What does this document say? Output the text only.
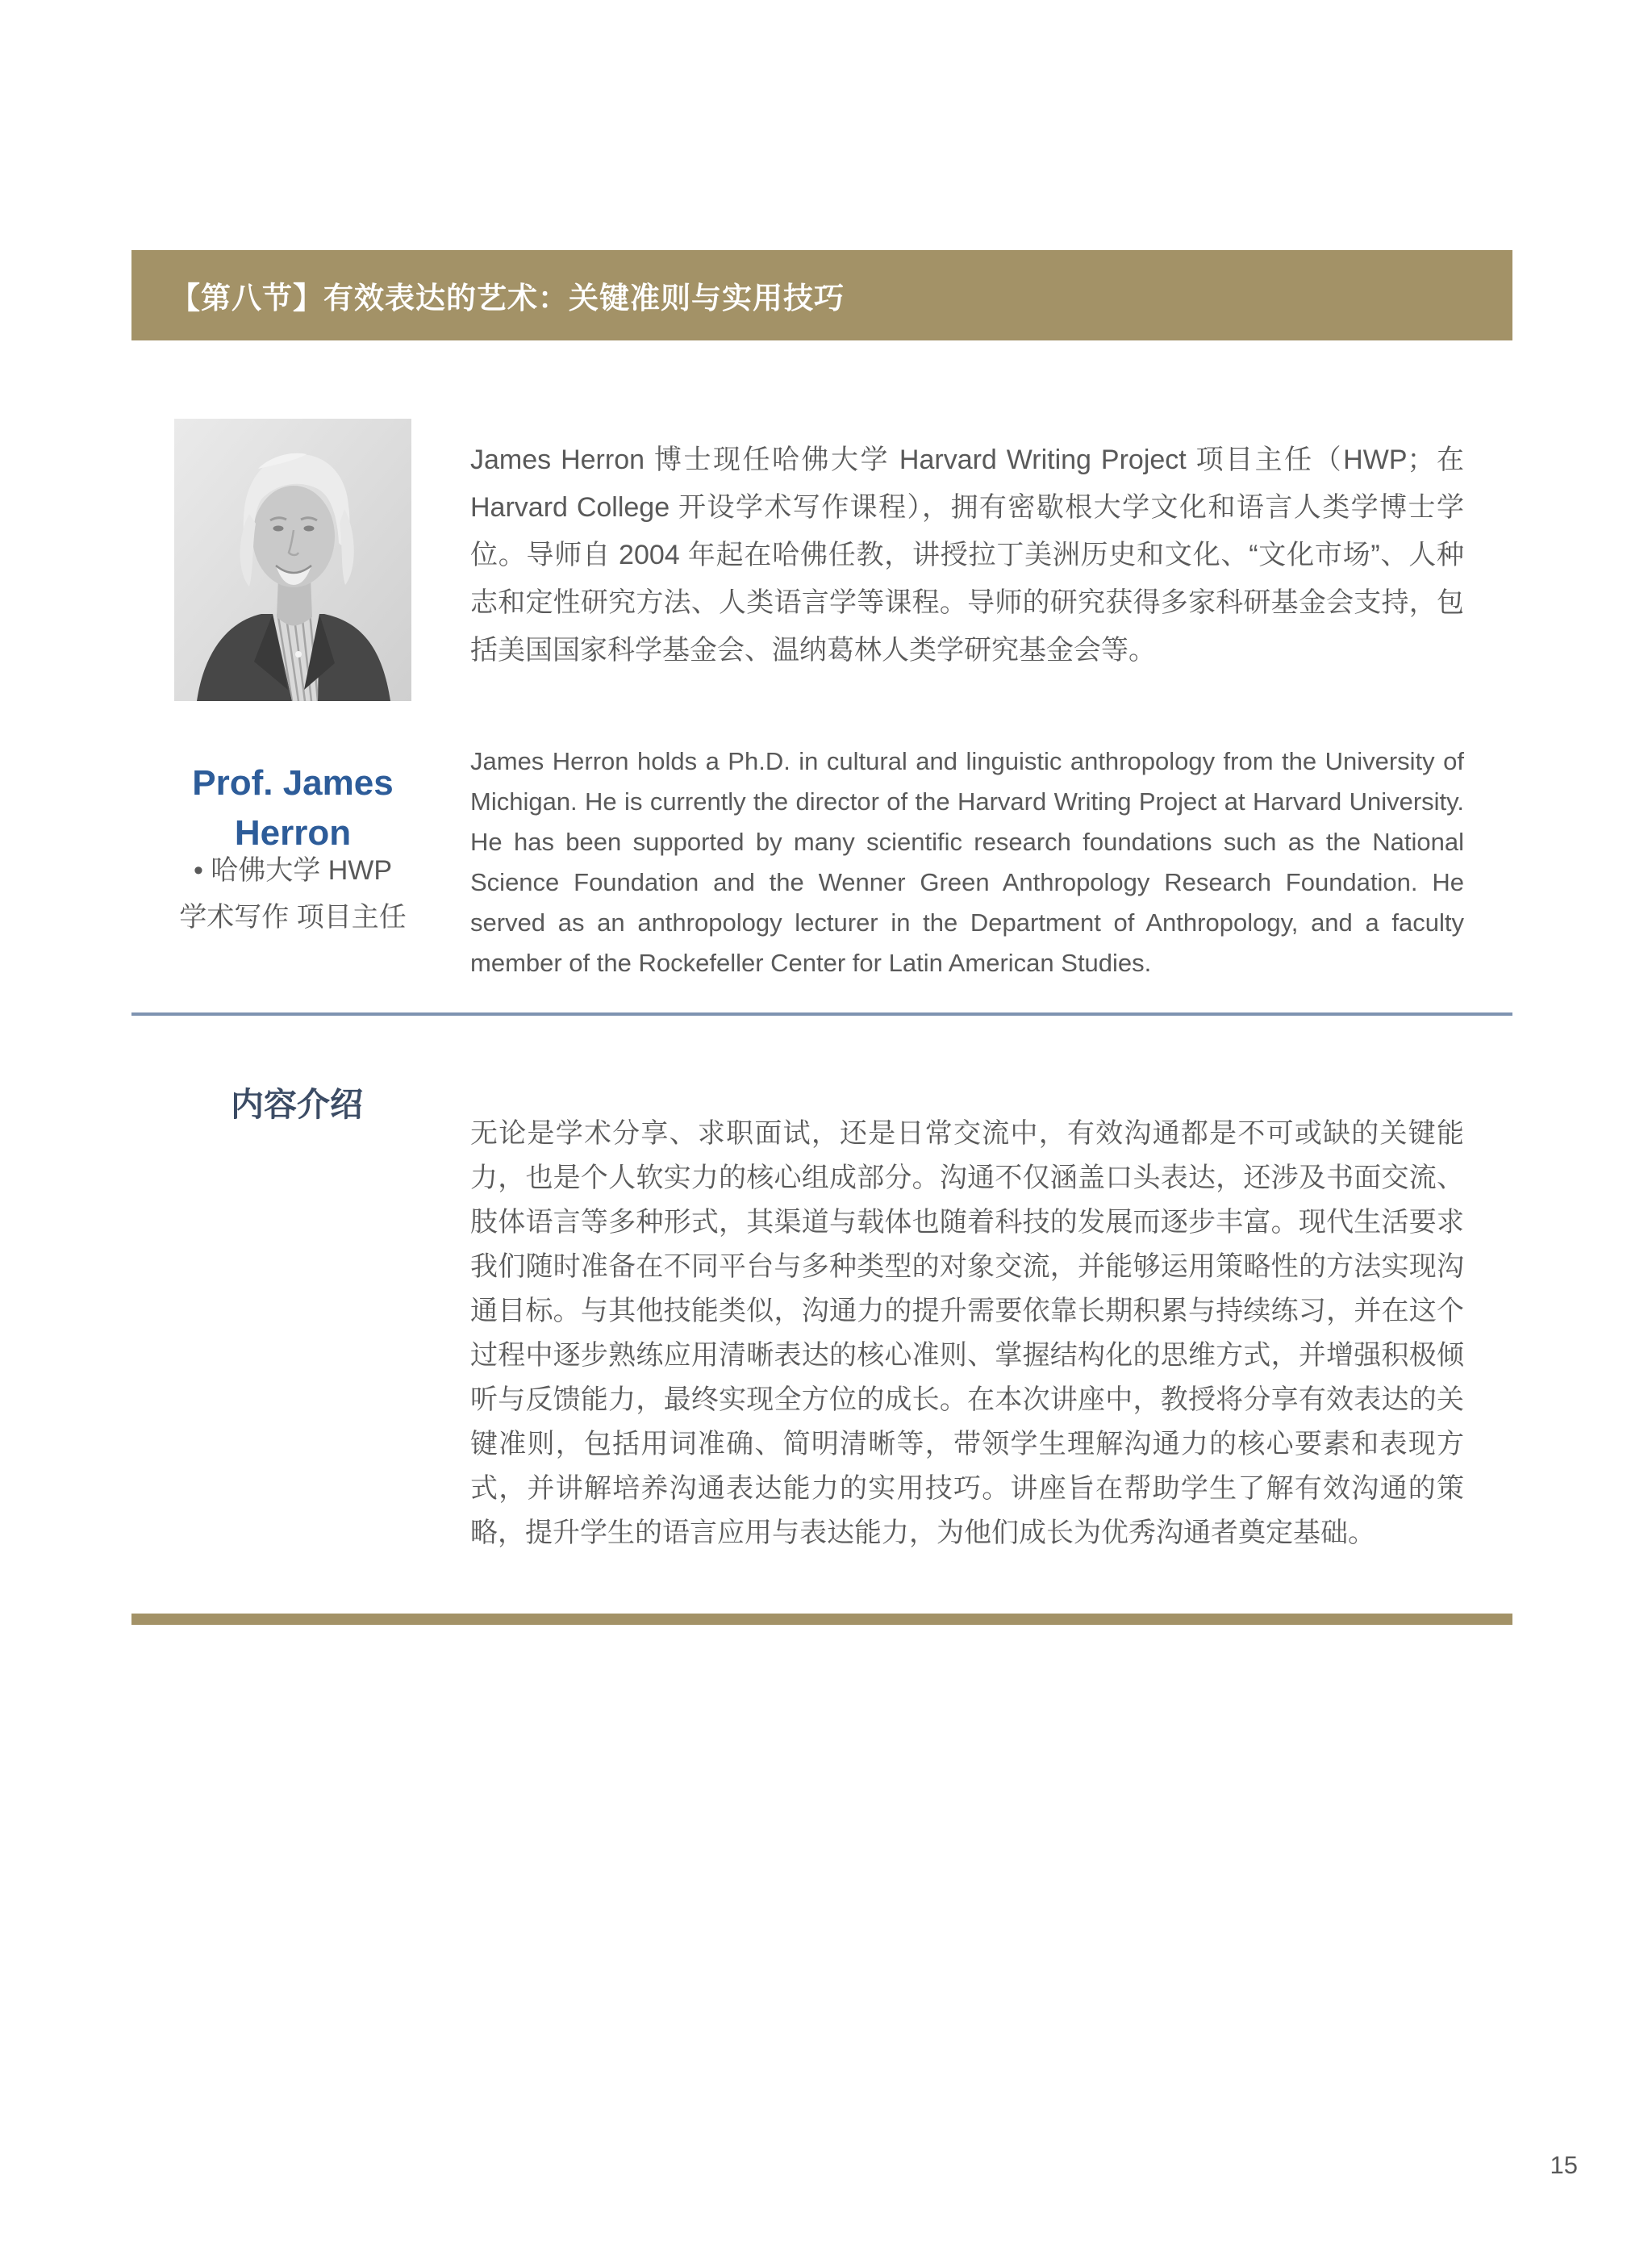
【第八节】有效表达的艺术：关键准则与实用技巧
Prof. James
Herron
• 哈佛大学 HWP
学术写作 项目主任

James Herron 博士现任哈佛大学 Harvard Writing Project 项目主任（HWP；在 Harvard College 开设学术写作课程），拥有密歇根大学文化和语言人类学博士学位。导师自 2004 年起在哈佛任教，讲授拉丁美洲历史和文化、“文化市场”、人种志和定性研究方法、人类语言学等课程。导师的研究获得多家科研基金会支持，包括美国国家科学基金会、温纳葛林人类学研究基金会等。

James Herron holds a Ph.D. in cultural and linguistic anthropology from the University of Michigan. He is currently the director of the Harvard Writing Project at Harvard University. He has been supported by many scientific research foundations such as the National Science Foundation and the Wenner Green Anthropology Research Foundation. He served as an anthropology lecturer in the Department of Anthropology, and a faculty member of the Rockefeller Center for Latin American Studies.

内容介绍

无论是学术分享、求职面试，还是日常交流中，有效沟通都是不可或缺的关键能力，也是个人软实力的核心组成部分。沟通不仅涵盖口头表达，还涉及书面交流、肢体语言等多种形式，其渠道与载体也随着科技的发展而逐步丰富。现代生活要求我们随时准备在不同平台与多种类型的对象交流，并能够运用策略性的方法实现沟通目标。与其他技能类似，沟通力的提升需要依靠长期积累与持续练习，并在这个过程中逐步熟练应用清晰表达的核心准则、掌握结构化的思维方式，并增强积极倾听与反馈能力，最终实现全方位的成长。在本次讲座中，教授将分享有效表达的关键准则，包括用词准确、简明清晰等，带领学生理解沟通力的核心要素和表现方式，并讲解培养沟通表达能力的实用技巧。讲座旨在帮助学生了解有效沟通的策略，提升学生的语言应用与表达能力，为他们成长为优秀沟通者奠定基础。

15
